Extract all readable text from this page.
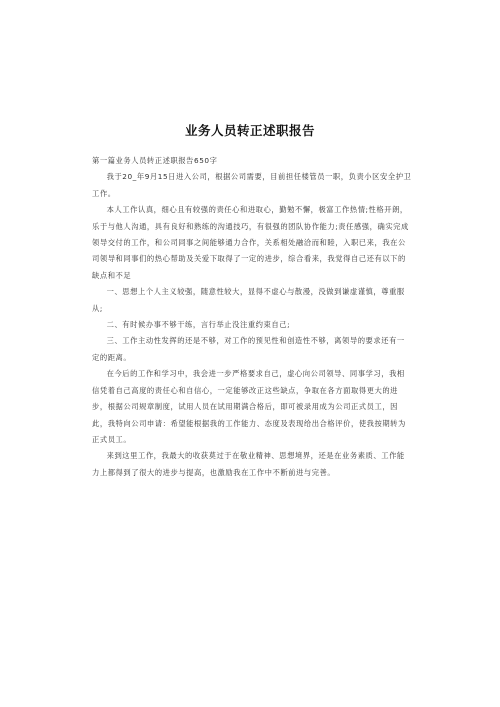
业务人员转正述职报告

第一篇业务人员转正述职报告650字

我于20_年9月15日进入公司，根据公司需要，目前担任楼管员一职，负责小区安全护卫工作。

本人工作认真，细心且有较强的责任心和进取心，勤勉不懈，极富工作热情;性格开朗，乐于与他人沟通，具有良好和熟练的沟通技巧，有很强的团队协作能力;责任感强，确实完成领导交付的工作，和公司同事之间能够通力合作，关系相处融洽而和睦，入职已来，我在公司领导和同事们的热心帮助及关爱下取得了一定的进步，综合看来，我觉得自己还有以下的缺点和不足

一、思想上个人主义较强，随意性较大，显得不虚心与散漫，没做到谦虚谨慎，尊重服从;

二、有时候办事不够干练，言行举止没注重约束自己;

三、工作主动性发挥的还是不够，对工作的预见性和创造性不够，离领导的要求还有一定的距离。

在今后的工作和学习中，我会进一步严格要求自己，虚心向公司领导、同事学习，我相信凭着自己高度的责任心和自信心，一定能够改正这些缺点，争取在各方面取得更大的进步，根据公司规章制度，试用人员在试用期满合格后，即可被录用成为公司正式员工，因此，我特向公司申请：希望能根据我的工作能力、态度及表现给出合格评价，使我按期转为正式员工。

来到这里工作，我最大的收获莫过于在敬业精神、思想境界，还是在业务素质、工作能力上都得到了很大的进步与提高，也激励我在工作中不断前进与完善。
